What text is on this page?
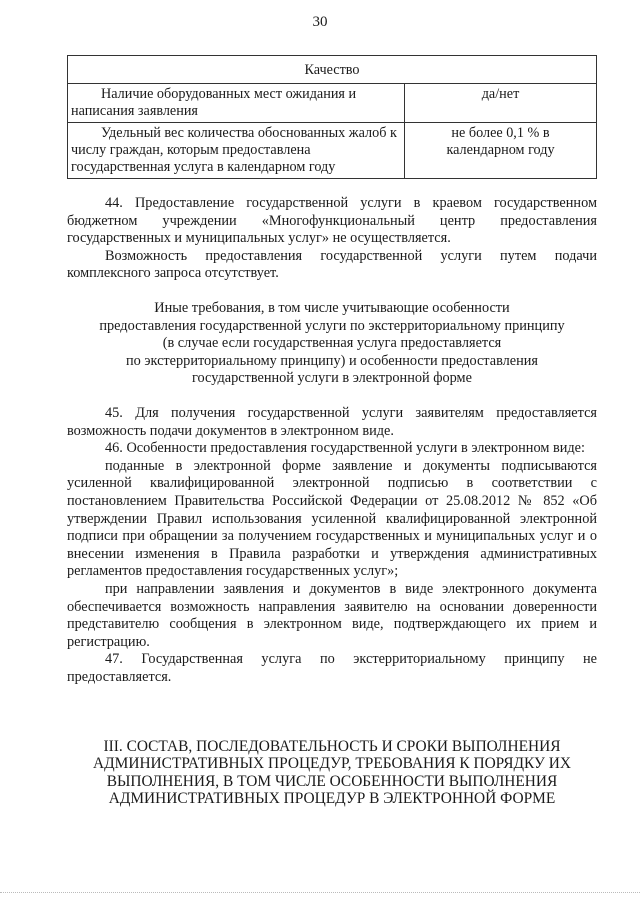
30
Качество	

Наличие оборудованных мест ожидания и написания заявления	да/нет

Удельный вес количества обоснованных жалоб к числу граждан, которым предоставлена государственная услуга в календарном году	не более 0,1 % в календарном году

44. Предоставление государственной услуги в краевом государственном бюджетном учреждении «Многофункциональный центр предоставления государственных и муниципальных услуг» не осуществляется.

Возможность предоставления государственной услуги путем подачи комплексного запроса отсутствует.

Иные требования, в том числе учитывающие особенности

предоставления государственной услуги по экстерриториальному принципу

(в случае если государственная услуга предоставляется

по экстерриториальному принципу) и особенности предоставления

государственной услуги в электронной форме

45. Для получения государственной услуги заявителям предоставляется возможность подачи документов в электронном виде.

46. Особенности предоставления государственной услуги в электронном виде:

поданные в электронной форме заявление и документы подписываются усиленной квалифицированной электронной подписью в соответствии с постановлением Правительства Российской Федерации от 25.08.2012 № 852 «Об утверждении Правил использования усиленной квалифицированной электронной подписи при обращении за получением государственных и муниципальных услуг и о внесении изменения в Правила разработки и утверждения административных регламентов предоставления государственных услуг»;

при направлении заявления и документов в виде электронного документа обеспечивается возможность направления заявителю на основании доверенности представителю сообщения в электронном виде, подтверждающего их прием и регистрацию.

47. Государственная услуга по экстерриториальному принципу не предоставляется.

III. СОСТАВ, ПОСЛЕДОВАТЕЛЬНОСТЬ И СРОКИ ВЫПОЛНЕНИЯ
АДМИНИСТРАТИВНЫХ ПРОЦЕДУР, ТРЕБОВАНИЯ К ПОРЯДКУ ИХ
ВЫПОЛНЕНИЯ, В ТОМ ЧИСЛЕ ОСОБЕННОСТИ ВЫПОЛНЕНИЯ
АДМИНИСТРАТИВНЫХ ПРОЦЕДУР В ЭЛЕКТРОННОЙ ФОРМЕ
